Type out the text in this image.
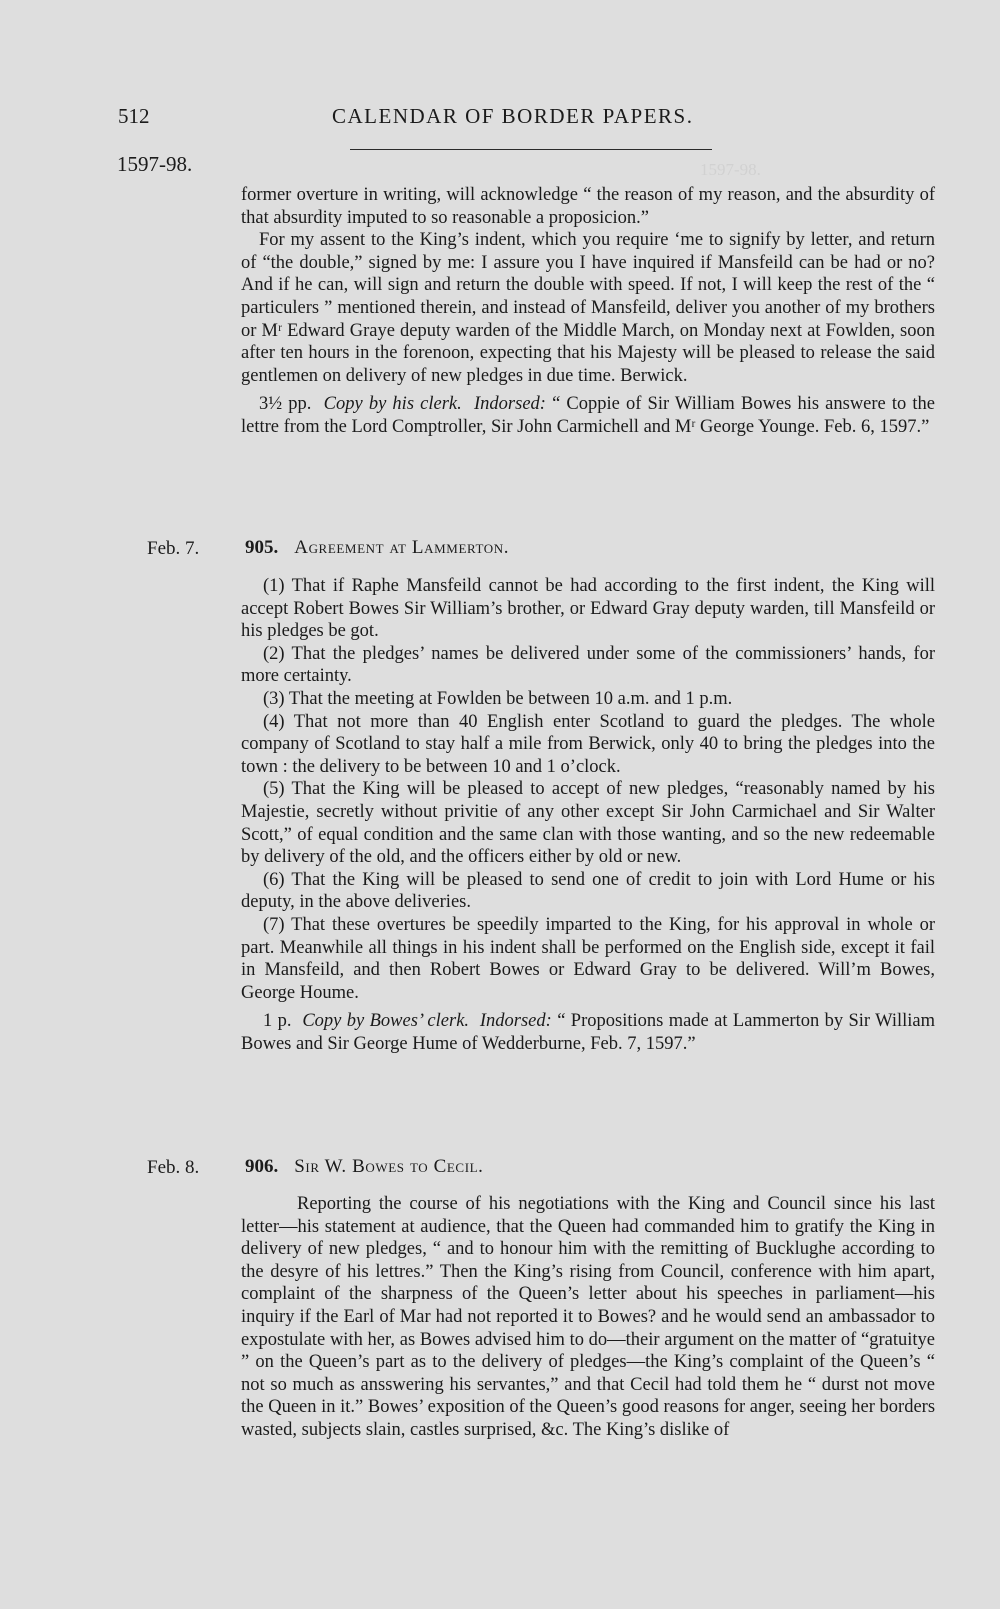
1597-98.
512	CALENDAR OF BORDER PAPERS.
1597-98.

former overture in writing, will acknowledge “ the reason of my reason, and the absurdity of that absurdity imputed to so reasonable a proposicion.”

For my assent to the King’s indent, which you require ‘me to signify by letter, and return of “the double,” signed by me: I assure you I have inquired if Mansfeild can be had or no? And if he can, will sign and return the double with speed. If not, I will keep the rest of the “ particulers ” mentioned therein, and instead of Mansfeild, deliver you another of my brothers or Mʳ Edward Graye deputy warden of the Middle March, on Monday next at Fowlden, soon after ten hours in the forenoon, expecting that his Majesty will be pleased to release the said gentlemen on delivery of new pledges in due time. Berwick.

3½ pp. Copy by his clerk. Indorsed: “ Coppie of Sir William Bowes his answere to the lettre from the Lord Comptroller, Sir John Carmichell and Mʳ George Younge. Feb. 6, 1597.”

Feb. 7. 905. Agreement at Lammerton.

(1) That if Raphe Mansfeild cannot be had according to the first indent, the King will accept Robert Bowes Sir William’s brother, or Edward Gray deputy warden, till Mansfeild or his pledges be got.

(2) That the pledges’ names be delivered under some of the commissioners’ hands, for more certainty.

(3) That the meeting at Fowlden be between 10 a.m. and 1 p.m.

(4) That not more than 40 English enter Scotland to guard the pledges. The whole company of Scotland to stay half a mile from Berwick, only 40 to bring the pledges into the town : the delivery to be between 10 and 1 o’clock.

(5) That the King will be pleased to accept of new pledges, “reasonably named by his Majestie, secretly without privitie of any other except Sir John Carmichael and Sir Walter Scott,” of equal condition and the same clan with those wanting, and so the new redeemable by delivery of the old, and the officers either by old or new.

(6) That the King will be pleased to send one of credit to join with Lord Hume or his deputy, in the above deliveries.

(7) That these overtures be speedily imparted to the King, for his approval in whole or part. Meanwhile all things in his indent shall be performed on the English side, except it fail in Mansfeild, and then Robert Bowes or Edward Gray to be delivered. Will’m Bowes, George Houme.

1 p. Copy by Bowes’ clerk. Indorsed: “ Propositions made at Lammerton by Sir William Bowes and Sir George Hume of Wedderburne, Feb. 7, 1597.”

Feb. 8. 906. Sir W. Bowes to Cecil.

Reporting the course of his negotiations with the King and Council since his last letter—his statement at audience, that the Queen had commanded him to gratify the King in delivery of new pledges, “ and to honour him with the remitting of Bucklughe according to the desyre of his lettres.” Then the King’s rising from Council, conference with him apart, complaint of the sharpness of the Queen’s letter about his speeches in parliament—his inquiry if the Earl of Mar had not reported it to Bowes? and he would send an ambassador to expostulate with her, as Bowes advised him to do—their argument on the matter of “gratuitye ” on the Queen’s part as to the delivery of pledges—the King’s complaint of the Queen’s “ not so much as ansswering his servantes,” and that Cecil had told them he “ durst not move the Queen in it.” Bowes’ exposition of the Queen’s good reasons for anger, seeing her borders wasted, subjects slain, castles surprised, &c. The King’s dislike of
